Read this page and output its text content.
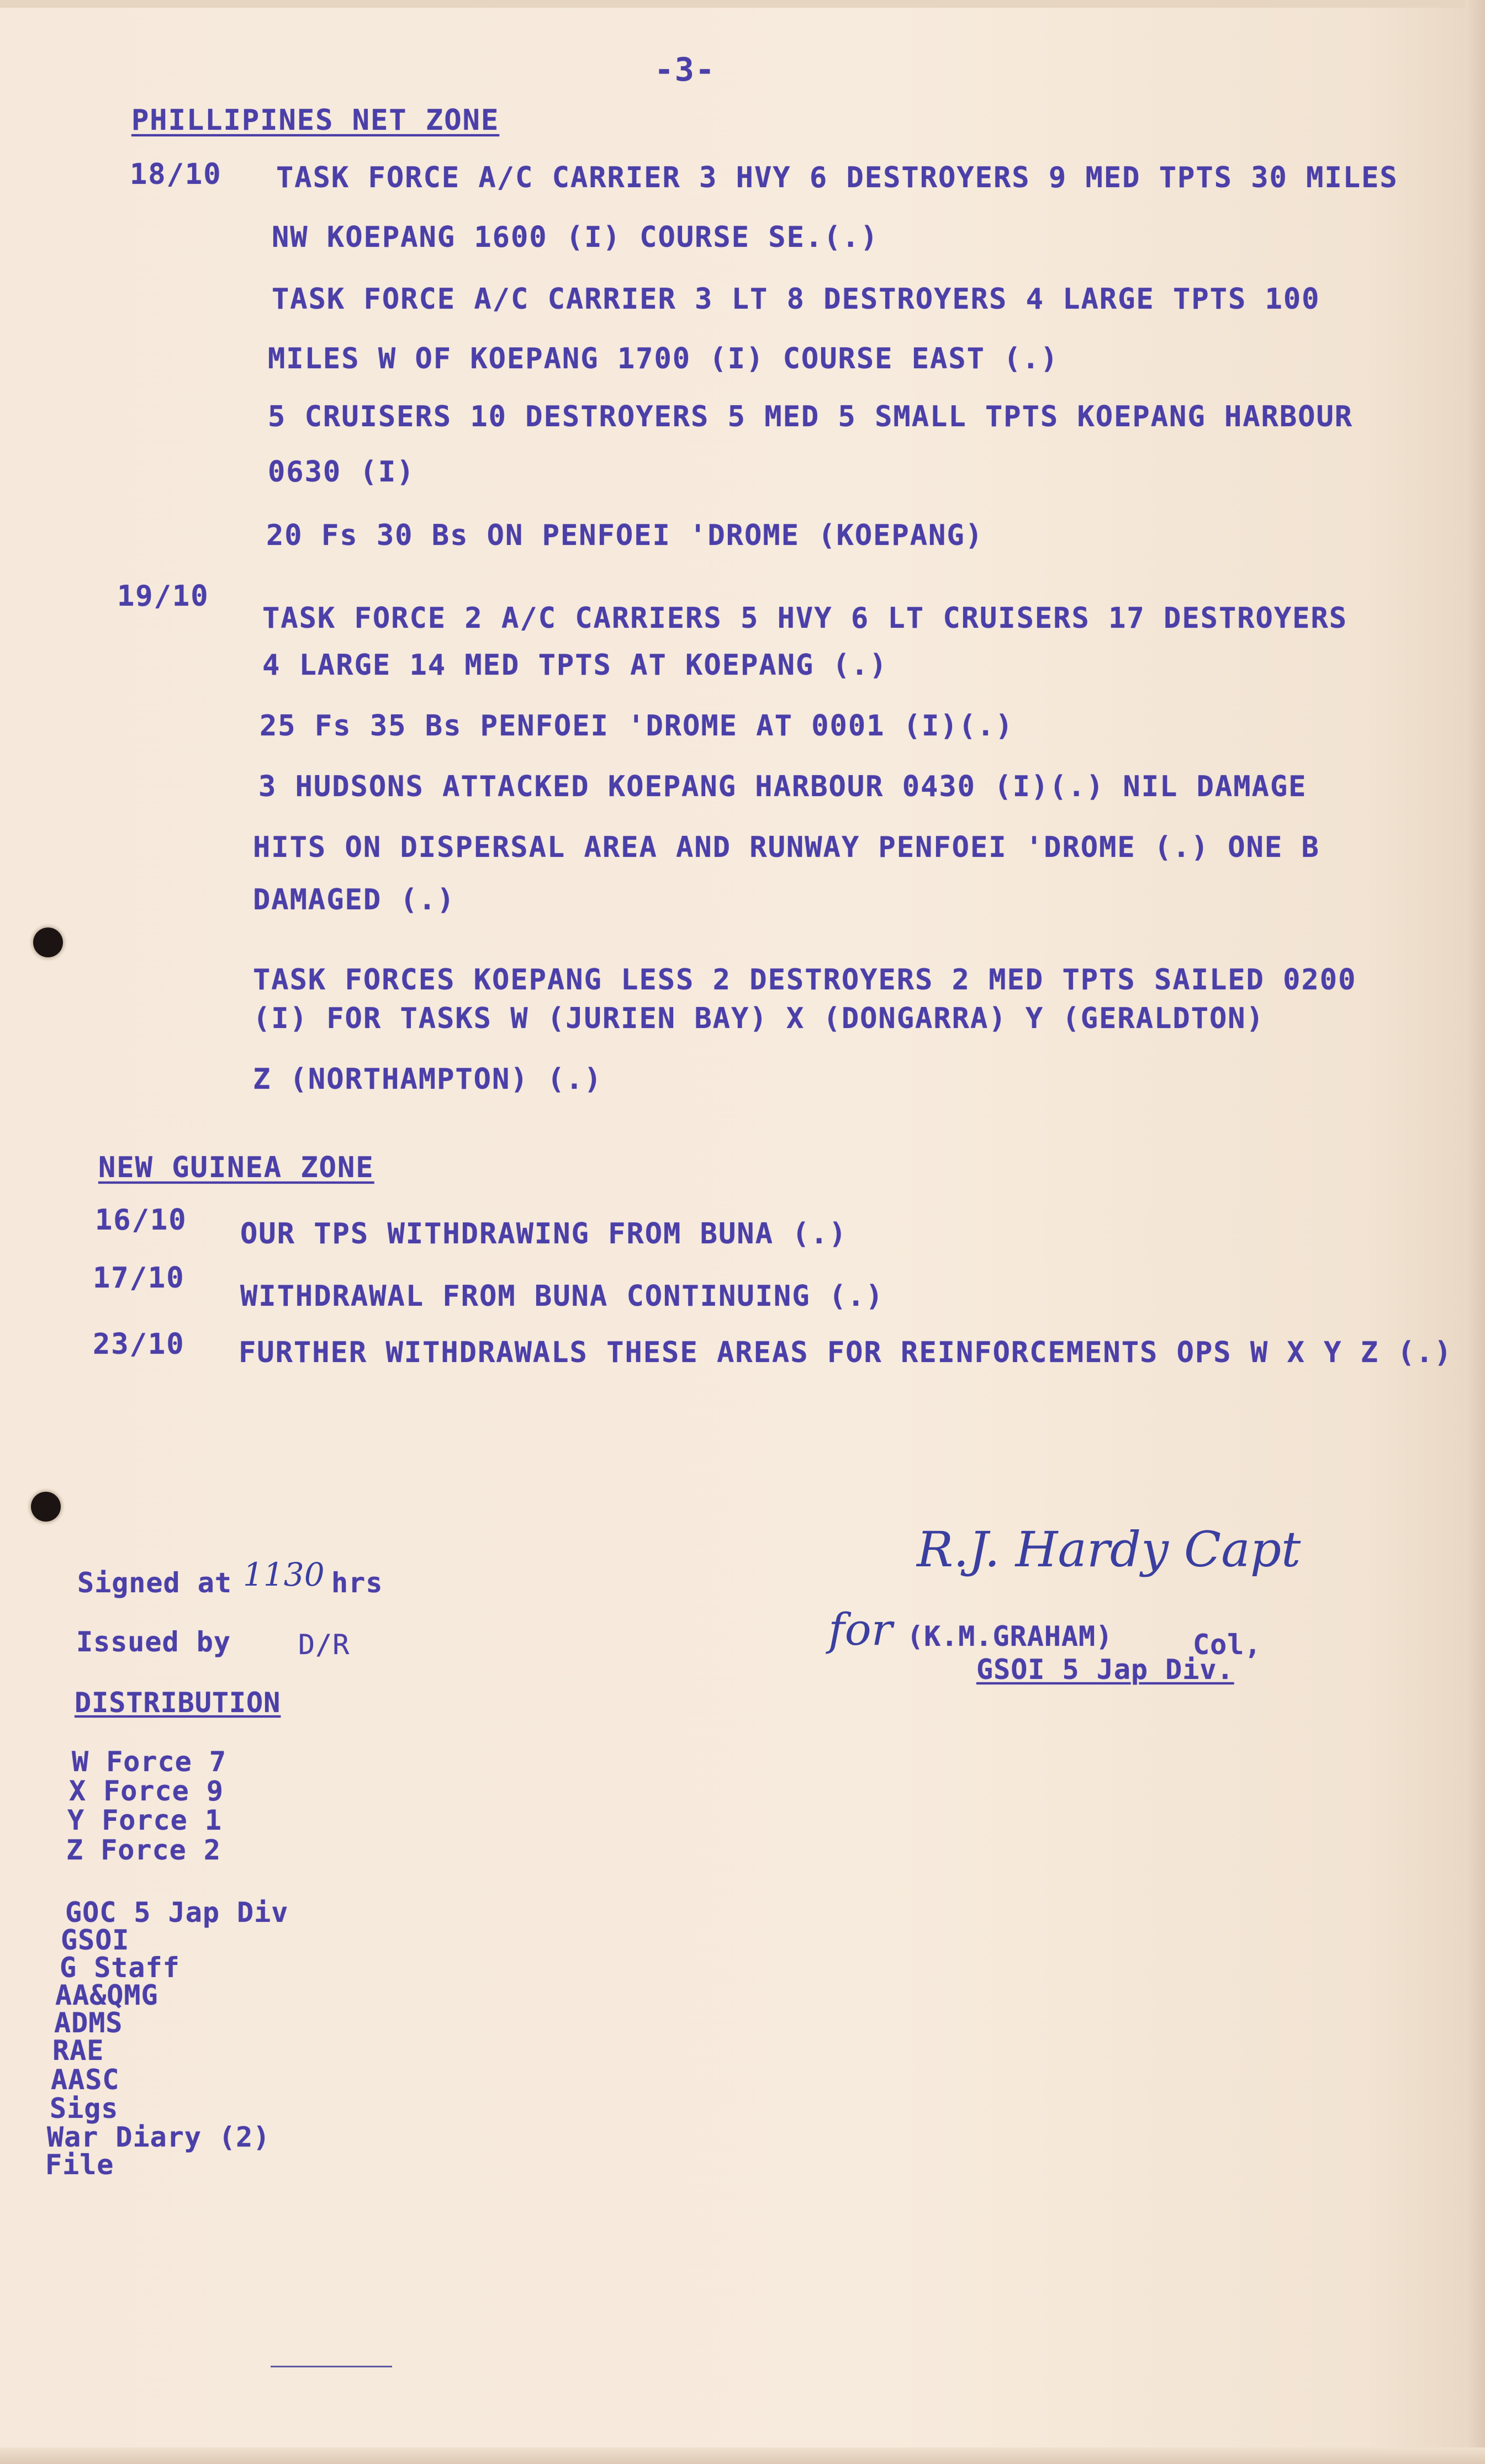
-3-
PHILLIPINES NET ZONE
18/10 TASK FORCE A/C CARRIER 3 HVY 6 DESTROYERS 9 MED TPTS 30 MILES
NW KOEPANG 1600 (I) COURSE SE.(.)
TASK FORCE A/C CARRIER 3 LT 8 DESTROYERS 4 LARGE TPTS 100
MILES W OF KOEPANG 1700 (I) COURSE EAST (.)
5 CRUISERS 10 DESTROYERS 5 MED 5 SMALL TPTS KOEPANG HARBOUR
0630 (I)
20 Fs 30 Bs ON PENFOEI 'DROME (KOEPANG)
19/10
TASK FORCE 2 A/C CARRIERS 5 HVY 6 LT CRUISERS 17 DESTROYERS
4 LARGE 14 MED TPTS AT KOEPANG (.)
25 Fs 35 Bs PENFOEI 'DROME AT 0001 (I)(.)
3 HUDSONS ATTACKED KOEPANG HARBOUR 0430 (I)(.) NIL DAMAGE
HITS ON DISPERSAL AREA AND RUNWAY PENFOEI 'DROME (.) ONE B
DAMAGED (.)
TASK FORCES KOEPANG LESS 2 DESTROYERS 2 MED TPTS SAILED 0200
(I) FOR TASKS W (JURIEN BAY) X (DONGARRA) Y (GERALDTON)
Z (NORTHAMPTON) (.)
NEW GUINEA ZONE
16/10 OUR TPS WITHDRAWING FROM BUNA (.)
17/10
WITHDRAWAL FROM BUNA CONTINUING (.)
23/10 FURTHER WITHDRAWALS THESE AREAS FOR REINFORCEMENTS OPS W X Y Z (.)
Signed at 1130 hrs
Issued by D/R
DISTRIBUTION
W Force 7
X Force 9
Y Force 1
Z Force 2
GOC 5 Jap Div
GSOI
G Staff
AA&QMG
ADMS
RAE
AASC
Sigs
War Diary (2)
File
R.J. Hardy Capt
for (K.M.GRAHAM)	Col,
GSOI 5 Jap Div.
